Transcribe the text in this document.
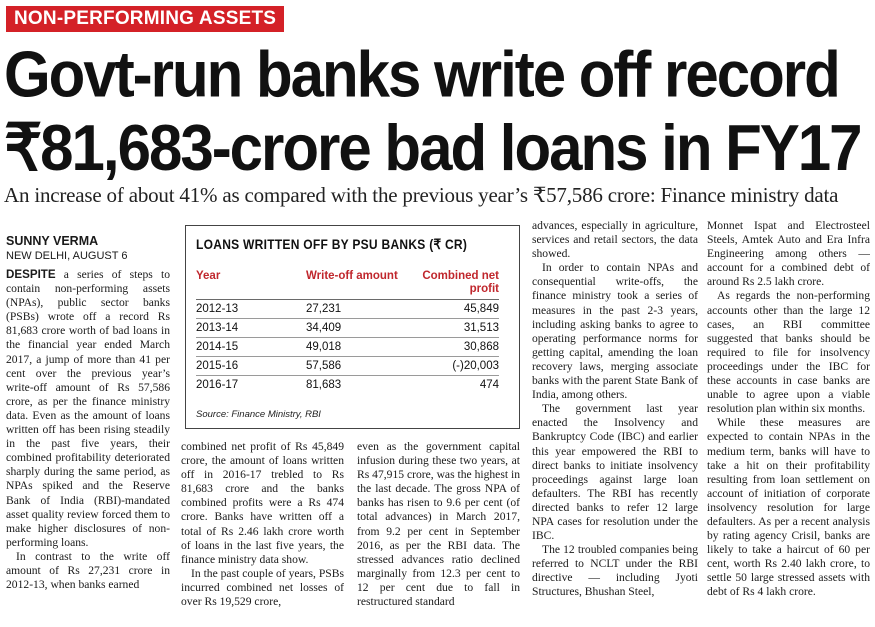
NON-PERFORMING ASSETS
Govt-run banks write off record
₹81,683-crore bad loans in FY17

An increase of about 41% as compared with the previous year’s ₹57,586 crore: Finance ministry data

SUNNY VERMA
NEW DELHI, AUGUST 6

DESPITE a series of steps to contain non-performing assets (NPAs), public sector banks (PSBs) wrote off a record Rs 81,683 crore worth of bad loans in the financial year ended March 2017, a jump of more than 41 per cent over the previous year’s write-off amount of Rs 57,586 crore, as per the finance ministry data. Even as the amount of loans written off has been rising steadily in the past five years, their combined profitability deteriorated sharply during the same period, as NPAs spiked and the Reserve Bank of India (RBI)-mandated asset quality review forced them to make higher disclosures of non-performing loans.

In contrast to the write off amount of Rs 27,231 crore in 2012-13, when banks earned

LOANS WRITTEN OFF BY PSU BANKS (₹ CR)
Year	Write-off amount	Combined net profit
2012-13	27,231	45,849
2013-14	34,409	31,513
2014-15	49,018	30,868
2015-16	57,586	(-)20,003
2016-17	81,683	474
Source: Finance Ministry, RBI

combined net profit of Rs 45,849 crore, the amount of loans written off in 2016-17 trebled to Rs 81,683 crore and the banks combined profits were a Rs 474 crore. Banks have written off a total of Rs 2.46 lakh crore worth of loans in the last five years, the finance ministry data show.

In the past couple of years, PSBs incurred combined net losses of over Rs 19,529 crore,

even as the government capital infusion during these two years, at Rs 47,915 crore, was the highest in the last decade. The gross NPA of banks has risen to 9.6 per cent (of total advances) in March 2017, from 9.2 per cent in September 2016, as per the RBI data. The stressed advances ratio declined marginally from 12.3 per cent to 12 per cent due to fall in restructured standard

advances, especially in agriculture, services and retail sectors, the data showed.

In order to contain NPAs and consequential write-offs, the finance ministry took a series of measures in the past 2-3 years, including asking banks to agree to operating performance norms for getting capital, amending the loan recovery laws, merging associate banks with the parent State Bank of India, among others.

The government last year enacted the Insolvency and Bankruptcy Code (IBC) and earlier this year empowered the RBI to direct banks to initiate insolvency proceedings against large loan defaulters. The RBI has recently directed banks to refer 12 large NPA cases for resolution under the IBC.

The 12 troubled companies being referred to NCLT under the RBI directive — including Jyoti Structures, Bhushan Steel,

Monnet Ispat and Electrosteel Steels, Amtek Auto and Era Infra Engineering among others — account for a combined debt of around Rs 2.5 lakh crore.

As regards the non-performing accounts other than the large 12 cases, an RBI committee suggested that banks should be required to file for insolvency proceedings under the IBC for these accounts in case banks are unable to agree upon a viable resolution plan within six months.

While these measures are expected to contain NPAs in the medium term, banks will have to take a hit on their profitability resulting from loan settlement on account of initiation of corporate insolvency resolution for large defaulters. As per a recent analysis by rating agency Crisil, banks are likely to take a haircut of 60 per cent, worth Rs 2.40 lakh crore, to settle 50 large stressed assets with debt of Rs 4 lakh crore.
